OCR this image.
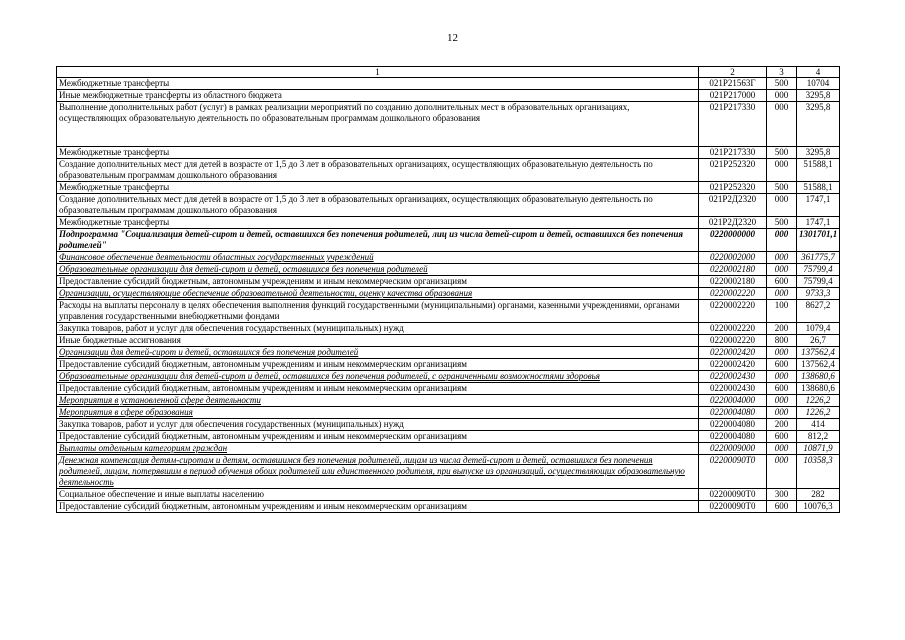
12
1	2	3	4
Межбюджетные трансферты	021Р21563Г	500	10704
Иные межбюджетные трансферты из областного бюджета	021Р217000	000	3295,8
Выполнение дополнительных работ (услуг) в рамках реализации мероприятий по созданию дополнительных мест в образовательных организациях, осуществляющих образовательную деятельность по образовательным программам дошкольного образования	021Р217330	000	3295,8
Межбюджетные трансферты	021Р217330	500	3295,8
Создание дополнительных мест для детей в возрасте от 1,5 до 3 лет в образовательных организациях, осуществляющих образовательную деятельность по образовательным программам дошкольного образования	021Р252320	000	51588,1
Межбюджетные трансферты	021Р252320	500	51588,1
Создание дополнительных мест для детей в возрасте от 1,5 до 3 лет в образовательных организациях, осуществляющих образовательную деятельность по образовательным программам дошкольного образования	021Р2Д2320	000	1747,1
Межбюджетные трансферты	021Р2Д2320	500	1747,1
Подпрограмма "Социализация детей-сирот и детей, оставшихся без попечения родителей, лиц из числа детей-сирот и детей, оставшихся без попечения родителей"	0220000000	000	1301701,1
Финансовое обеспечение деятельности областных государственных учреждений	0220002000	000	361775,7
Образовательные организации для детей-сирот и детей, оставшихся без попечения родителей	0220002180	000	75799,4
Предоставление субсидий бюджетным, автономным учреждениям и иным некоммерческим организациям	0220002180	600	75799,4
Организации, осуществляющие обеспечение образовательной деятельности, оценку качества образования	0220002220	000	9733,3
Расходы на выплаты персоналу в целях обеспечения выполнения функций государственными (муниципальными) органами, казенными учреждениями, органами управления государственными внебюджетными фондами	0220002220	100	8627,2
Закупка товаров, работ и услуг для обеспечения государственных (муниципальных) нужд	0220002220	200	1079,4
Иные бюджетные ассигнования	0220002220	800	26,7
Организации для детей-сирот и детей, оставшихся без попечения родителей	0220002420	000	137562,4
Предоставление субсидий бюджетным, автономным учреждениям и иным некоммерческим организациям	0220002420	600	137562,4
Образовательные организации для детей-сирот и детей, оставшихся без попечения родителей, с ограниченными возможностями здоровья	0220002430	000	138680,6
Предоставление субсидий бюджетным, автономным учреждениям и иным некоммерческим организациям	0220002430	600	138680,6
Мероприятия в установленной сфере деятельности	0220004000	000	1226,2
Мероприятия в сфере образования	0220004080	000	1226,2
Закупка товаров, работ и услуг для обеспечения государственных (муниципальных) нужд	0220004080	200	414
Предоставление субсидий бюджетным, автономным учреждениям и иным некоммерческим организациям	0220004080	600	812,2
Выплаты отдельным категориям граждан	0220009000	000	10871,9
Денежная компенсация детям-сиротам и детям, оставшимся без попечения родителей, лицам из числа детей-сирот и детей, оставшихся без попечения родителей, лицам, потерявшим в период обучения обоих родителей или единственного родителя, при выпуске из организаций, осуществляющих образовательную деятельность	02200090Т0	000	10358,3
Социальное обеспечение и иные выплаты населению	02200090Т0	300	282
Предоставление субсидий бюджетным, автономным учреждениям и иным некоммерческим организациям	02200090Т0	600	10076,3
